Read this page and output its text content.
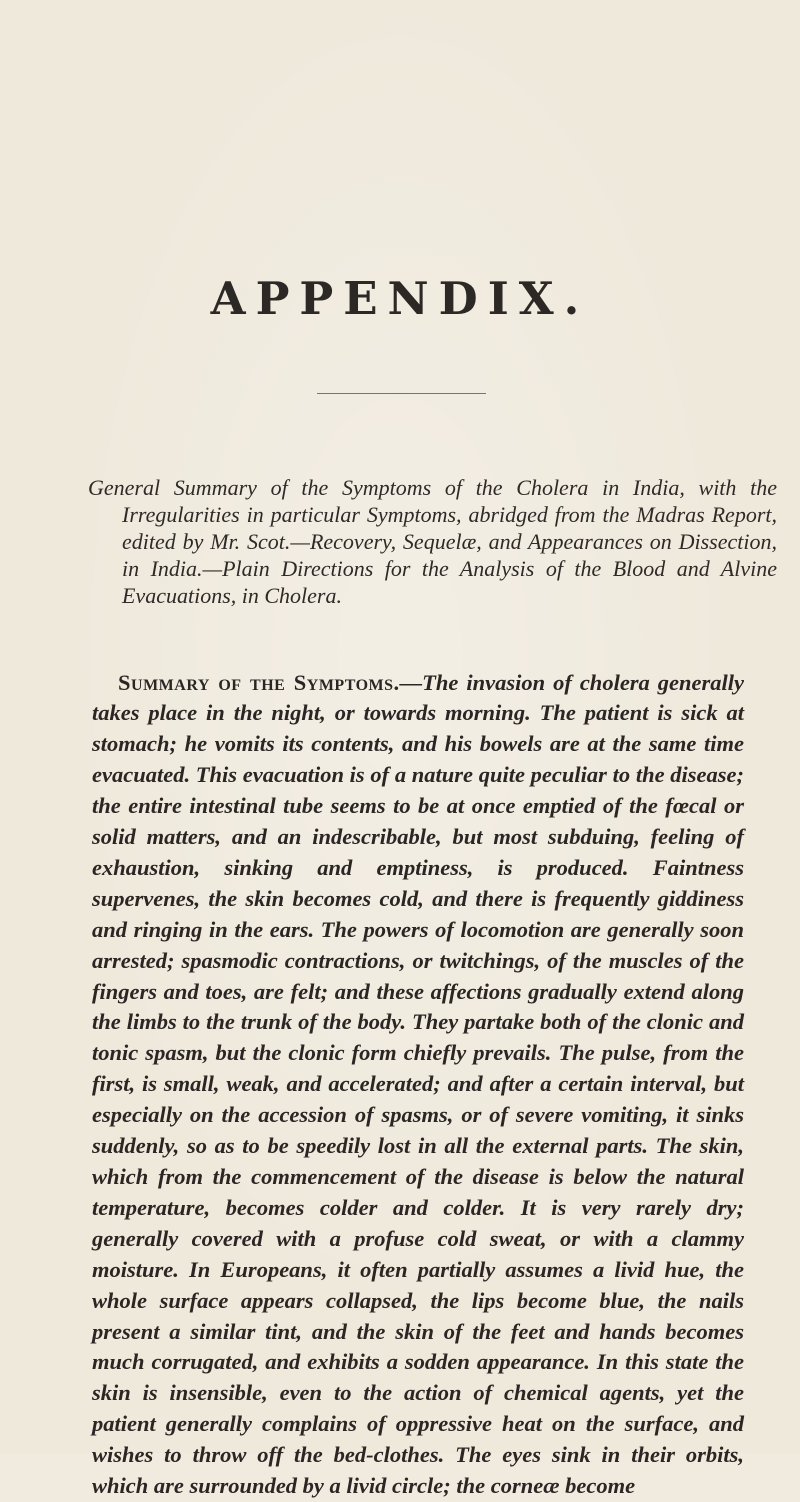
APPENDIX.

General Summary of the Symptoms of the Cholera in India, with the Irregularities in particular Symptoms, abridged from the Madras Report, edited by Mr. Scot.—Recovery, Sequelæ, and Appearances on Dissection, in India.—Plain Directions for the Analysis of the Blood and Alvine Evacuations, in Cholera.

Summary of the Symptoms.—The invasion of cholera generally takes place in the night, or towards morning. The patient is sick at stomach; he vomits its contents, and his bowels are at the same time evacuated. This evacuation is of a nature quite peculiar to the disease; the entire intestinal tube seems to be at once emptied of the fœcal or solid matters, and an indescribable, but most subduing, feeling of exhaustion, sinking and emptiness, is produced. Faintness supervenes, the skin becomes cold, and there is frequently giddiness and ringing in the ears. The powers of locomotion are generally soon arrested; spasmodic contractions, or twitchings, of the muscles of the fingers and toes, are felt; and these affections gradually extend along the limbs to the trunk of the body. They partake both of the clonic and tonic spasm, but the clonic form chiefly prevails. The pulse, from the first, is small, weak, and accelerated; and after a certain interval, but especially on the accession of spasms, or of severe vomiting, it sinks suddenly, so as to be speedily lost in all the external parts. The skin, which from the commencement of the disease is below the natural temperature, becomes colder and colder. It is very rarely dry; generally covered with a profuse cold sweat, or with a clammy moisture. In Europeans, it often partially assumes a livid hue, the whole surface appears collapsed, the lips become blue, the nails present a similar tint, and the skin of the feet and hands becomes much corrugated, and exhibits a sodden appearance. In this state the skin is insensible, even to the action of chemical agents, yet the patient generally complains of oppressive heat on the surface, and wishes to throw off the bed-clothes. The eyes sink in their orbits, which are surrounded by a livid circle; the corneæ become
